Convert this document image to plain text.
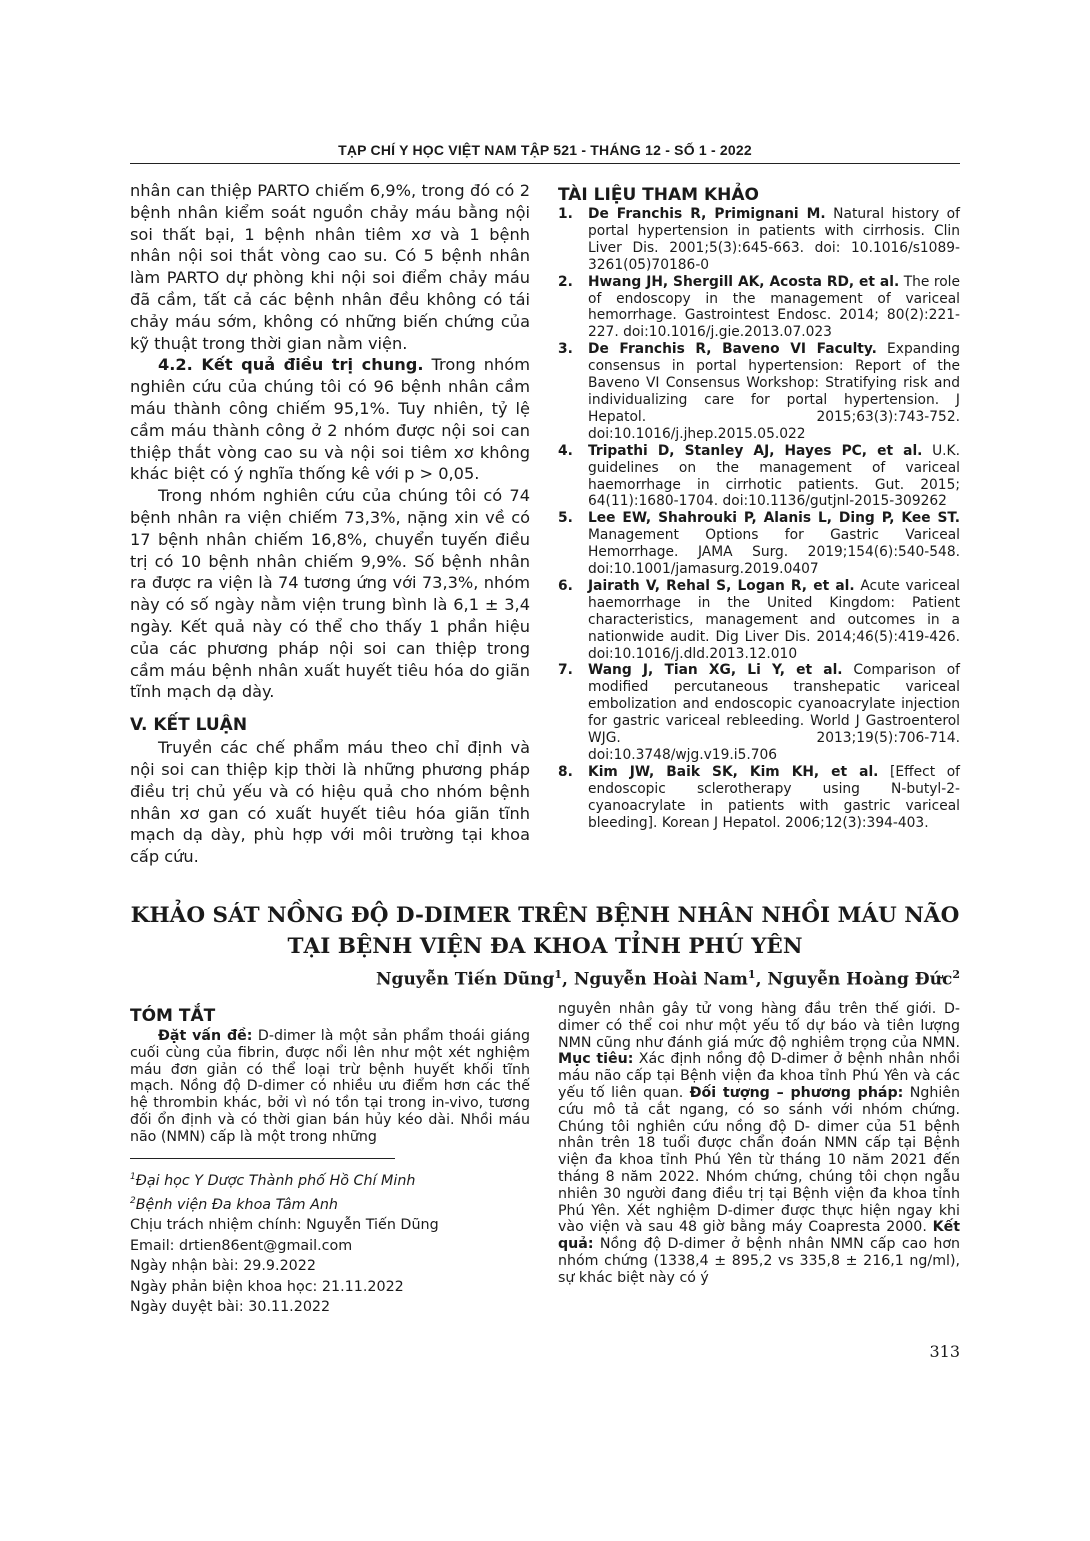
TẠP CHÍ Y HỌC VIỆT NAM TẬP 521 - THÁNG 12 - SỐ 1 - 2022

nhân can thiệp PARTO chiếm 6,9%, trong đó có 2 bệnh nhân kiểm soát nguồn chảy máu bằng nội soi thất bại, 1 bệnh nhân tiêm xơ và 1 bệnh nhân nội soi thắt vòng cao su. Có 5 bệnh nhân làm PARTO dự phòng khi nội soi điểm chảy máu đã cầm, tất cả các bệnh nhân đều không có tái chảy máu sớm, không có những biến chứng của kỹ thuật trong thời gian nằm viện.

4.2. Kết quả điều trị chung. Trong nhóm nghiên cứu của chúng tôi có 96 bệnh nhân cầm máu thành công chiếm 95,1%. Tuy nhiên, tỷ lệ cầm máu thành công ở 2 nhóm được nội soi can thiệp thắt vòng cao su và nội soi tiêm xơ không khác biệt có ý nghĩa thống kê với p > 0,05.

Trong nhóm nghiên cứu của chúng tôi có 74 bệnh nhân ra viện chiếm 73,3%, nặng xin về có 17 bệnh nhân chiếm 16,8%, chuyển tuyến điều trị có 10 bệnh nhân chiếm 9,9%. Số bệnh nhân ra được ra viện là 74 tương ứng với 73,3%, nhóm này có số ngày nằm viện trung bình là 6,1 ± 3,4 ngày. Kết quả này có thể cho thấy 1 phần hiệu của các phương pháp nội soi can thiệp trong cầm máu bệnh nhân xuất huyết tiêu hóa do giãn tĩnh mạch dạ dày.

V. KẾT LUẬN

Truyền các chế phẩm máu theo chỉ định và nội soi can thiệp kịp thời là những phương pháp điều trị chủ yếu và có hiệu quả cho nhóm bệnh nhân xơ gan có xuất huyết tiêu hóa giãn tĩnh mạch dạ dày, phù hợp với môi trường tại khoa cấp cứu.

TÀI LIỆU THAM KHẢO
1.	De Franchis R, Primignani M. Natural history of portal hypertension in patients with cirrhosis. Clin Liver Dis. 2001;5(3):645-663. doi: 10.1016/s1089-3261(05)70186-0
2.	Hwang JH, Shergill AK, Acosta RD, et al. The role of endoscopy in the management of variceal hemorrhage. Gastrointest Endosc. 2014; 80(2):221-227. doi:10.1016/j.gie.2013.07.023
3.	De Franchis R, Baveno VI Faculty. Expanding consensus in portal hypertension: Report of the Baveno VI Consensus Workshop: Stratifying risk and individualizing care for portal hypertension. J Hepatol. 2015;63(3):743-752. doi:10.1016/j.jhep.2015.05.022
4.	Tripathi D, Stanley AJ, Hayes PC, et al. U.K. guidelines on the management of variceal haemorrhage in cirrhotic patients. Gut. 2015; 64(11):1680-1704. doi:10.1136/gutjnl-2015-309262
5.	Lee EW, Shahrouki P, Alanis L, Ding P, Kee ST. Management Options for Gastric Variceal Hemorrhage. JAMA Surg. 2019;154(6):540-548. doi:10.1001/jamasurg.2019.0407
6.	Jairath V, Rehal S, Logan R, et al. Acute variceal haemorrhage in the United Kingdom: Patient characteristics, management and outcomes in a nationwide audit. Dig Liver Dis. 2014;46(5):419-426. doi:10.1016/j.dld.2013.12.010
7.	Wang J, Tian XG, Li Y, et al. Comparison of modified percutaneous transhepatic variceal embolization and endoscopic cyanoacrylate injection for gastric variceal rebleeding. World J Gastroenterol WJG. 2013;19(5):706-714. doi:10.3748/wjg.v19.i5.706
8.	Kim JW, Baik SK, Kim KH, et al. [Effect of endoscopic sclerotherapy using N-butyl-2-cyanoacrylate in patients with gastric variceal bleeding]. Korean J Hepatol. 2006;12(3):394-403.
KHẢO SÁT NỒNG ĐỘ D-DIMER TRÊN BỆNH NHÂN NHỒI MÁU NÃO
TẠI BỆNH VIỆN ĐA KHOA TỈNH PHÚ YÊN
Nguyễn Tiến Dũng$^1$, Nguyễn Hoài Nam$^1$, Nguyễn Hoàng Đức$^2$
TÓM TẮT

Đặt vấn đề: D-dimer là một sản phẩm thoái giáng cuối cùng của fibrin, được nổi lên như một xét nghiệm máu đơn giản có thể loại trừ bệnh huyết khối tĩnh mạch. Nồng độ D-dimer có nhiều ưu điểm hơn các thế hệ thrombin khác, bởi vì nó tồn tại trong in-vivo, tương đối ổn định và có thời gian bán hủy kéo dài. Nhồi máu não (NMN) cấp là một trong những

$^1$Đại học Y Dược Thành phố Hồ Chí Minh
$^2$Bệnh viện Đa khoa Tâm Anh
Chịu trách nhiệm chính: Nguyễn Tiến Dũng
Email: drtien86ent@gmail.com
Ngày nhận bài: 29.9.2022
Ngày phản biện khoa học: 21.11.2022
Ngày duyệt bài: 30.11.2022

nguyên nhân gây tử vong hàng đầu trên thế giới. D-dimer có thể coi như một yếu tố dự báo và tiên lượng NMN cũng như đánh giá mức độ nghiêm trọng của NMN. Mục tiêu: Xác định nồng độ D-dimer ở bệnh nhân nhồi máu não cấp tại Bệnh viện đa khoa tỉnh Phú Yên và các yếu tố liên quan. Đối tượng – phương pháp: Nghiên cứu mô tả cắt ngang, có so sánh với nhóm chứng. Chúng tôi nghiên cứu nồng độ D- dimer của 51 bệnh nhân trên 18 tuổi được chẩn đoán NMN cấp tại Bệnh viện đa khoa tỉnh Phú Yên từ tháng 10 năm 2021 đến tháng 8 năm 2022. Nhóm chứng, chúng tôi chọn ngẫu nhiên 30 người đang điều trị tại Bệnh viện đa khoa tỉnh Phú Yên. Xét nghiệm D-dimer được thực hiện ngay khi vào viện và sau 48 giờ bằng máy Coapresta 2000. Kết quả: Nồng độ D-dimer ở bệnh nhân NMN cấp cao hơn nhóm chứng (1338,4 ± 895,2 vs 335,8 ± 216,1 ng/ml), sự khác biệt này có ý

313
